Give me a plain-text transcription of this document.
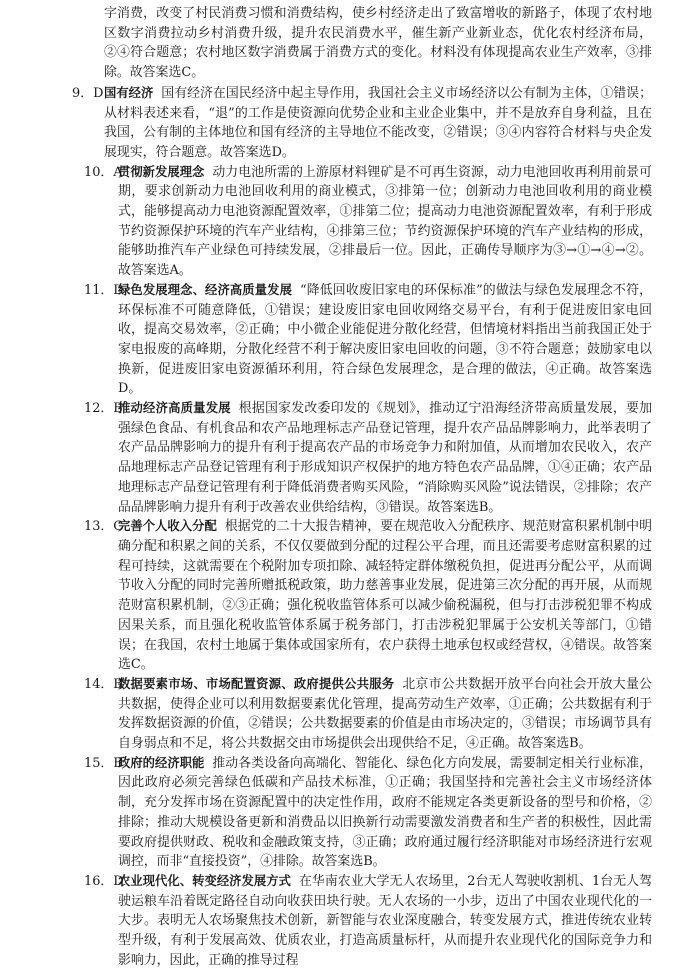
字消费，改变了村民消费习惯和消费结构，使乡村经济走出了致富增收的新路子，体现了农村地区数字消费拉动乡村消费升级，提升农民消费水平，催生新产业新业态，优化农村经济布局，②④符合题意；农村地区数字消费属于消费方式的变化。材料没有体现提高农业生产效率，③排除。故答案选C。
9．D 国有经济 国有经济在国民经济中起主导作用，我国社会主义市场经济以公有制为主体，①错误；从材料表述来看，“退”的工作是使资源向优势企业和主业企业集中，并不是放弃自身利益，且在我国，公有制的主体地位和国有经济的主导地位不能改变，②错误；③④内容符合材料与央企发展现实，符合题意。故答案选D。
10．A
贯彻新发展理念 动力电池所需的上游原材料锂矿是不可再生资源，动力电池回收再利用前景可期，要求创新动力电池回收利用的商业模式，③排第一位；创新动力电池回收利用的商业模式，能够提高动力电池资源配置效率，①排第二位；提高动力电池资源配置效率，有利于形成节约资源保护环境的汽车产业结构，④排第三位；节约资源保护环境的汽车产业结构的形成，能够助推汽车产业绿色可持续发展，②排最后一位。因此，正确传导顺序为③→①→④→②。故答案选A。
11．D
绿色发展理念、经济高质量发展 “降低回收废旧家电的环保标准”的做法与绿色发展理念不符，环保标准不可随意降低，①错误；建设废旧家电回收网络交易平台，有利于促进废旧家电回收，提高交易效率，②正确；中小微企业能促进分散化经营，但情境材料指出当前我国正处于家电报废的高峰期，分散化经营不利于解决废旧家电回收的问题，③不符合题意；鼓励家电以换新，促进废旧家电资源循环利用，符合绿色发展理念，是合理的做法，④正确。故答案选D。
12．B
推动经济高质量发展 根据国家发改委印发的《规划》，推动辽宁沿海经济带高质量发展，要加强绿色食品、有机食品和农产品地理标志产品登记管理，提升农产品品牌影响力，此举表明了农产品品牌影响力的提升有利于提高农产品的市场竞争力和附加值，从而增加农民收入，农产品地理标志产品登记管理有利于形成知识产权保护的地方特色农产品品牌，①④正确；农产品地理标志产品登记管理有利于降低消费者购买风险，“消除购买风险”说法错误，②排除；农产品品牌影响力提升有利于改善农业供给结构，③错误。故答案选B。
13．C
完善个人收入分配 根据党的二十大报告精神，要在规范收入分配秩序、规范财富积累机制中明确分配和积累之间的关系，不仅仅要做到分配的过程公平合理，而且还需要考虑财富积累的过程可持续，这就需要在个税附加专项扣除、减轻特定群体缴税负担，促进再分配公平，从而调节收入分配的同时完善所赠抵税政策，助力慈善事业发展，促进第三次分配的再开展，从而规范财富积累机制，②③正确；强化税收监管体系可以减少偷税漏税，但与打击涉税犯罪不构成因果关系，而且强化税收监管体系属于税务部门，打击涉税犯罪属于公安机关等部门，①错误；在我国，农村土地属于集体或国家所有，农户获得土地承包权或经营权，④错误。故答案选C。
14．B
数据要素市场、市场配置资源、政府提供公共服务 北京市公共数据开放平台向社会开放大量公共数据，使得企业可以利用数据要素优化管理，提高劳动生产效率，①正确；公共数据有利于发挥数据资源的价值，②错误；公共数据要素的价值是由市场决定的，③错误；市场调节具有自身弱点和不足，将公共数据交由市场提供会出现供给不足，④正确。故答案选B。
15．B
政府的经济职能 推动各类设备向高端化、智能化、绿色化方向发展，需要制定相关行业标准，因此政府必须完善绿色低碳和产品技术标准，①正确；我国坚持和完善社会主义市场经济体制，充分发挥市场在资源配置中的决定性作用，政府不能规定各类更新设备的型号和价格，②排除；推动大规模设备更新和消费品以旧换新行动需要激发消费者和生产者的积极性，因此需要政府提供财政、税收和金融政策支持，③正确；政府通过履行经济职能对市场经济进行宏观调控，而非“直接投资”，④排除。故答案选B。
16．D
农业现代化、转变经济发展方式 在华南农业大学无人农场里，2台无人驾驶收割机、1台无人驾驶运粮车沿着既定路径自动向收获田块行驶。无人农场的一小步，迈出了中国农业现代化的一大步。表明无人农场聚焦技术创新，新智能与农业深度融合，转变发展方式，推进传统农业转型升级，有利于发展高效、优质农业，打造高质量标杆，从而提升农业现代化的国际竞争力和影响力，因此，正确的推导过程
